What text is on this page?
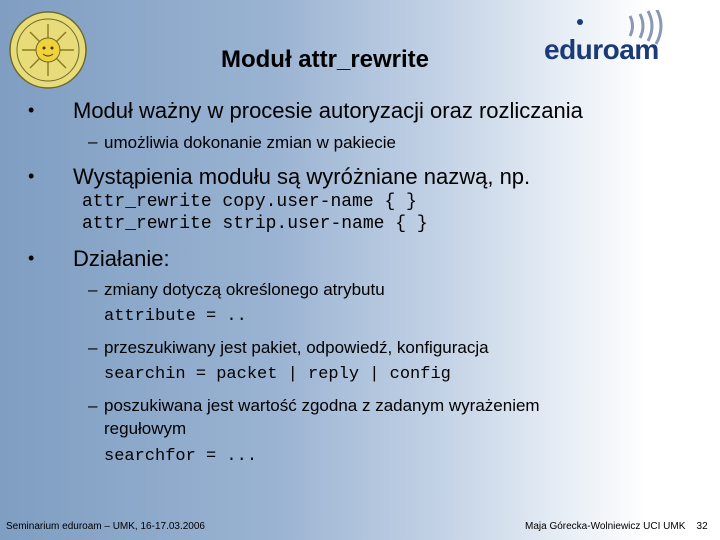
eduroam
Moduł attr_rewrite
• Moduł ważny w procesie autoryzacji oraz rozliczania
– umożliwia dokonanie zmian w pakiecie
• Wystąpienia modułu są wyróżniane nazwą, np.
attr_rewrite copy.user-name { }
attr_rewrite strip.user-name { }
• Działanie:
– zmiany dotyczą określonego atrybutu
attribute = ..
– przeszukiwany jest pakiet, odpowiedź, konfiguracja
searchin = packet | reply | config
– poszukiwana jest wartość zgodna z zadanym wyrażeniem
regułowym
searchfor = ...
Seminarium eduroam – UMK, 16-17.03.2006	Maja Górecka-Wolniewicz UCI UMK 32
